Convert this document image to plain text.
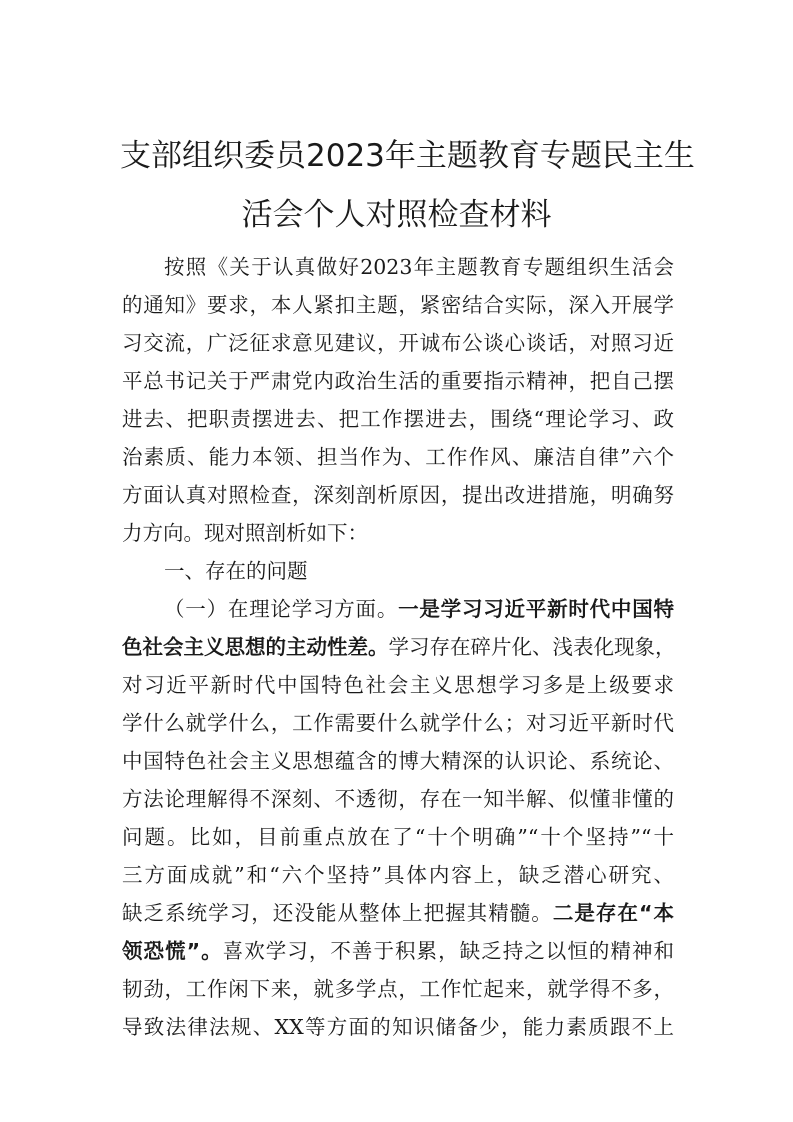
支部组织委员2023年主题教育专题民主生
活会个人对照检查材料
按照《关于认真做好2023年主题教育专题组织生活会
的通知》要求，本人紧扣主题，紧密结合实际，深入开展学
习交流，广泛征求意见建议，开诚布公谈心谈话，对照习近
平总书记关于严肃党内政治生活的重要指示精神，把自己摆
进去、把职责摆进去、把工作摆进去，围绕“理论学习、政
治素质、能力本领、担当作为、工作作风、廉洁自律”六个
方面认真对照检查，深刻剖析原因，提出改进措施，明确努
力方向。现对照剖析如下：
一、存在的问题
（一）在理论学习方面。一是学习习近平新时代中国特
色社会主义思想的主动性差。学习存在碎片化、浅表化现象，
对习近平新时代中国特色社会主义思想学习多是上级要求
学什么就学什么，工作需要什么就学什么；对习近平新时代
中国特色社会主义思想蕴含的博大精深的认识论、系统论、
方法论理解得不深刻、不透彻，存在一知半解、似懂非懂的
问题。比如，目前重点放在了“十个明确”“十个坚持”“十
三方面成就”和“六个坚持”具体内容上，缺乏潜心研究、
缺乏系统学习，还没能从整体上把握其精髓。二是存在“本
领恐慌”。喜欢学习，不善于积累，缺乏持之以恒的精神和
韧劲，工作闲下来，就多学点，工作忙起来，就学得不多，
导致法律法规、XX等方面的知识储备少，能力素质跟不上
